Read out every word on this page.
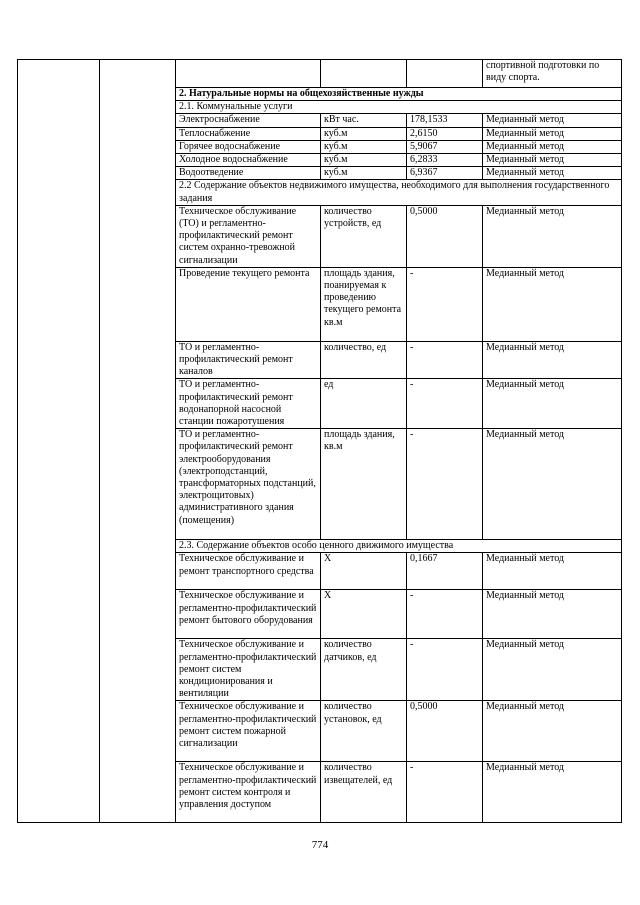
					спортивной подготовки по виду спорта.
		2. Натуральные нормы на общехозяйственные нужды			
		2.1. Коммунальные услуги			
		Электроснабжение	кВт час.	178,1533	Медианный метод
		Теплоснабжение	куб.м	2,6150	Медианный метод
		Горячее водоснабжение	куб.м	5,9067	Медианный метод
		Холодное водоснабжение	куб.м	6,2833	Медианный метод
		Водоотведение	куб.м	6,9367	Медианный метод
		2.2 Содержание объектов недвижимого имущества, необходимого для выполнения государственного задания			
		Техническое обслуживание (ТО) и регламентно-профилактический ремонт систем охранно-тревожной сигнализации	количество устройств, ед	0,5000	Медианный метод
		Проведение текущего ремонта	площадь здания, поанируемая к проведению текущего ремонта кв.м	-	Медианный метод
		ТО и регламентно-профилактический ремонт каналов	количество, ед	-	Медианный метод
		ТО и регламентно-профилактический ремонт водонапорной насосной станции пожаротушения	ед	-	Медианный метод
		ТО и регламентно-профилактический ремонт электрооборудования (электроподстанций, трансформаторных подстанций, электрощитовых) административного здания (помещения)	площадь здания, кв.м	-	Медианный метод
		2.3. Содержание объектов особо ценного движимого имущества			
		Техническое обслуживание и ремонт транспортного средства	Х	0,1667	Медианный метод
		Техническое обслуживание и регламентно-профилактический ремонт бытового оборудования	Х	-	Медианный метод
		Техническое обслуживание и регламентно-профилактический ремонт систем кондиционирования и вентиляции	количество датчиков, ед	-	Медианный метод
		Техническое обслуживание и регламентно-профилактический ремонт систем пожарной сигнализации	количество установок, ед	0,5000	Медианный метод
		Техническое обслуживание и регламентно-профилактический ремонт систем контроля и управления доступом	количество извещателей, ед	-	Медианный метод
774
